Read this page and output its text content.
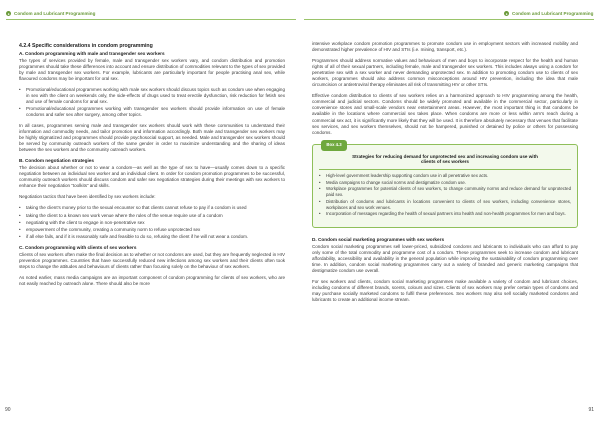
● Condom and Lubricant Programming
4.2.4 Specific considerations in condom programming
A. Condom programming with male and transgender sex workers

The types of services provided by female, male and transgender sex workers vary, and condom distribution and promotion programmes should take these differences into account and ensure distribution of commodities relevant to the types of sex provided by male and transgender sex workers. For example, lubricants are particularly important for people practising anal sex, while flavoured condoms may be important for oral sex.

• Promotional/educational programmes working with male sex workers should discuss topics such as condom use when engaging in sex with the client on weekends only, the side-effects of drugs used to treat erectile dysfunction, risk reduction for fetish sex and use of female condoms for anal sex.
• Promotional/educational programmes working with transgender sex workers should provide information on use of female condoms and safer sex after surgery, among other topics.

In all cases, programmes serving male and transgender sex workers should work with these communities to understand their information and commodity needs, and tailor promotion and information accordingly. Both male and transgender sex workers may be highly stigmatized and programmes should provide psychosocial support, as needed. Male and transgender sex workers should be served by community outreach workers of the same gender in order to maximize understanding and the sharing of ideas between the sex workers and the community outreach workers.

B. Condom negotiation strategies

The decision about whether or not to wear a condom—as well as the type of sex to have—usually comes down to a specific negotiation between an individual sex worker and an individual client. In order for condom promotion programmes to be successful, community outreach workers should discuss condom and safer sex negotiation strategies during their meetings with sex workers to enhance their negotiation “toolkits” and skills.

Negotiation tactics that have been identified by sex workers include:

• taking the client's money prior to the sexual encounter so that clients cannot refuse to pay if a condom is used
• taking the client to a known sex work venue where the rules of the venue require use of a condom
• negotiating with the client to engage in non-penetrative sex
• empowerment of the community, creating a community norm to refuse unprotected sex
• if all else fails, and if it is reasonably safe and feasible to do so, refusing the client if he will not wear a condom.
C. Condom programming with clients of sex workers

Clients of sex workers often make the final decision as to whether or not condoms are used, but they are frequently neglected in HIV prevention programmes. Countries that have successfully reduced new infections among sex workers and their clients often took steps to change the attitudes and behaviours of clients rather than focusing solely on the behaviour of sex workers.

As noted earlier, mass media campaigns are an important component of condom programming for clients of sex workers, who are not easily reached by outreach alone. There should also be more

90
● Condom and Lubricant Programming

intensive workplace condom promotion programmes to promote condom use in employment sectors with increased mobility and demonstrated higher prevalence of HIV and STIs (i.e. mining, transport, etc.).

Programmes should address normative values and behaviours of men and boys to incorporate respect for the health and human rights of all of their sexual partners, including female, male and transgender sex workers. This includes always using a condom for penetrative sex with a sex worker and never demanding unprotected sex. In addition to promoting condom use to clients of sex workers, programmes should also address common misconceptions around HIV prevention, including the idea that male circumcision or antiretroviral therapy eliminates all risk of transmitting HIV or other STIs.

Effective condom distribution to clients of sex workers relies on a harmonized approach to HIV programming among the health, commercial and judicial sectors. Condoms should be widely promoted and available in the commercial sector, particularly in convenience stores and small-scale vendors near entertainment areas. However, the most important thing is that condoms be available in the locations where commercial sex takes place. When condoms are more or less within arm's reach during a commercial sex act, it is significantly more likely that they will be used. It is therefore absolutely necessary that venues that facilitate sex services, and sex workers themselves, should not be hampered, punished or detained by police or others for possessing condoms.

Box 4.3
Strategies for reducing demand for unprotected sex and increasing condom use with clients of sex workers
• High-level government leadership supporting condom use in all penetrative sex acts.
• Media campaigns to change social norms and destigmatize condom use.
• Workplace programmes for potential clients of sex workers, to change community norms and reduce demand for unprotected paid sex.
• Distribution of condoms and lubricants in locations convenient to clients of sex workers, including convenience stores, workplaces and sex work venues.
• Incorporation of messages regarding the health of sexual partners into health and non-health programmes for men and boys.
D. Condom social marketing programmes with sex workers

Condom social marketing programmes sell lower-priced, subsidized condoms and lubricants to individuals who can afford to pay only some of the total commodity and programme cost of a condom. These programmes seek to increase condom and lubricant affordability, accessibility and availability in the general population while improving the sustainability of condom programming over time. In addition, condom social marketing programmes carry out a variety of branded and generic marketing campaigns that destigmatize condom use overall.

For sex workers and clients, condom social marketing programmes make available a variety of condom and lubricant choices, including condoms of different brands, scents, colours and sizes. Clients of sex workers may prefer certain types of condoms and may purchase socially marketed condoms to fulfil these preferences. Sex workers may also sell socially marketed condoms and lubricants to create an additional income stream.

91
